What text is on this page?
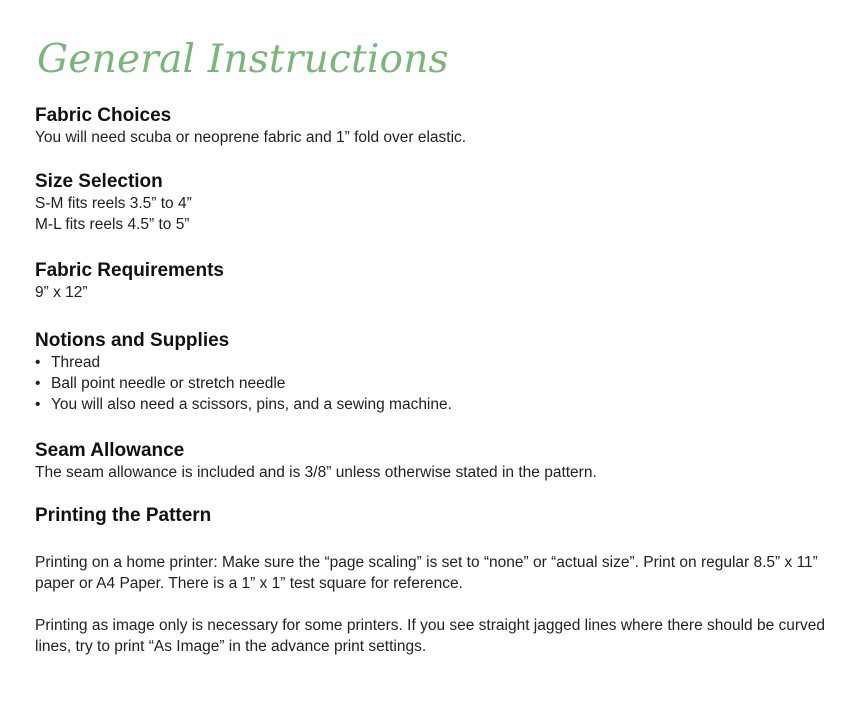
General Instructions

Fabric Choices

You will need scuba or neoprene fabric and 1” fold over elastic.

Size Selection

S-M fits reels 3.5” to 4”

M-L fits reels 4.5” to 5”

Fabric Requirements

9” x 12”

Notions and Supplies

• Thread
• Ball point needle or stretch needle
• You will also need a scissors, pins, and a sewing machine.

Seam Allowance

The seam allowance is included and is 3/8” unless otherwise stated in the pattern.

Printing the Pattern

Printing on a home printer: Make sure the “page scaling” is set to “none” or “actual size”. Print on regular 8.5” x 11” paper or A4 Paper. There is a 1” x 1” test square for reference.

Printing as image only is necessary for some printers. If you see straight jagged lines where there should be curved lines, try to print “As Image” in the advance print settings.
